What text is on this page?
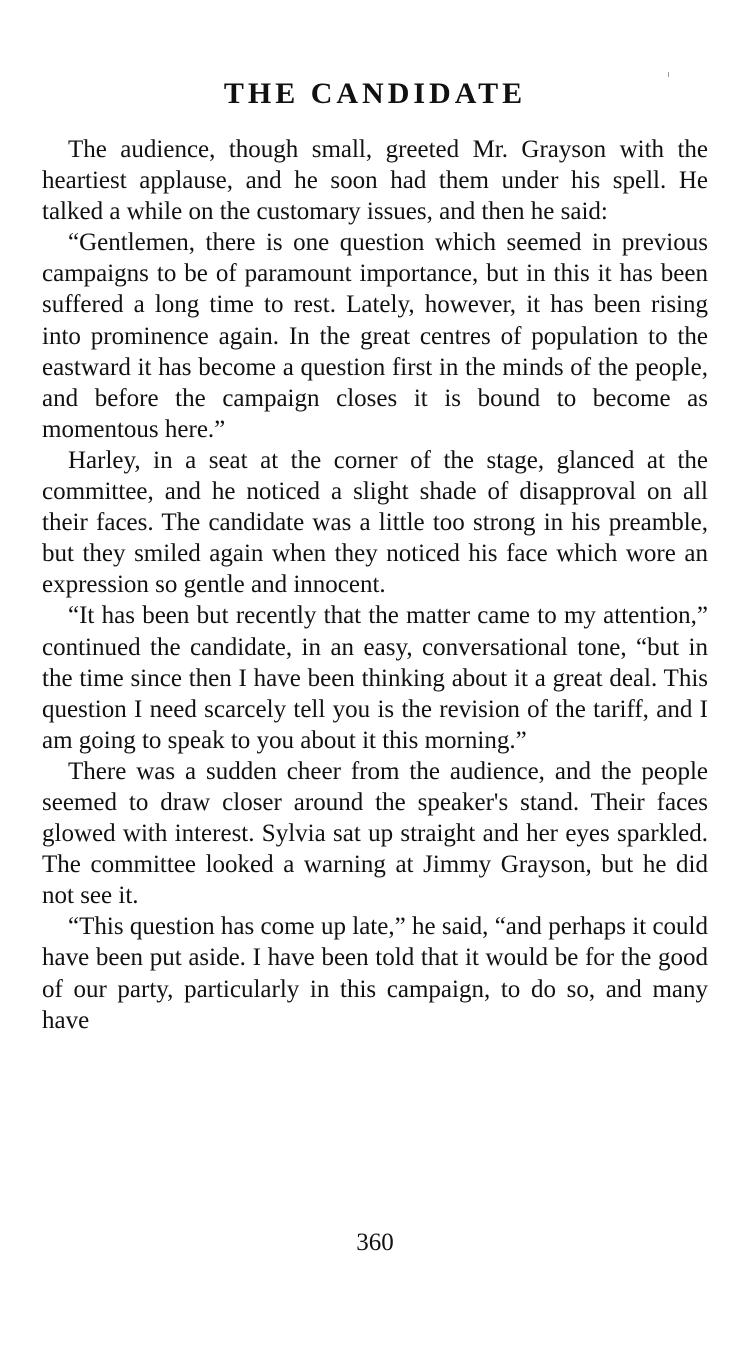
THE CANDIDATE

The audience, though small, greeted Mr. Grayson with the heartiest applause, and he soon had them under his spell. He talked a while on the customary issues, and then he said:

“Gentlemen, there is one question which seemed in previous campaigns to be of paramount importance, but in this it has been suffered a long time to rest. Lately, however, it has been rising into prominence again. In the great centres of population to the eastward it has become a question first in the minds of the people, and before the campaign closes it is bound to become as momentous here.”

Harley, in a seat at the corner of the stage, glanced at the committee, and he noticed a slight shade of disapproval on all their faces. The candidate was a little too strong in his preamble, but they smiled again when they noticed his face which wore an expression so gentle and innocent.

“It has been but recently that the matter came to my attention,” continued the candidate, in an easy, conversational tone, “but in the time since then I have been thinking about it a great deal. This question I need scarcely tell you is the revision of the tariff, and I am going to speak to you about it this morning.”

There was a sudden cheer from the audience, and the people seemed to draw closer around the speaker's stand. Their faces glowed with interest. Sylvia sat up straight and her eyes sparkled. The committee looked a warning at Jimmy Grayson, but he did not see it.

“This question has come up late,” he said, “and perhaps it could have been put aside. I have been told that it would be for the good of our party, particularly in this campaign, to do so, and many have

360
